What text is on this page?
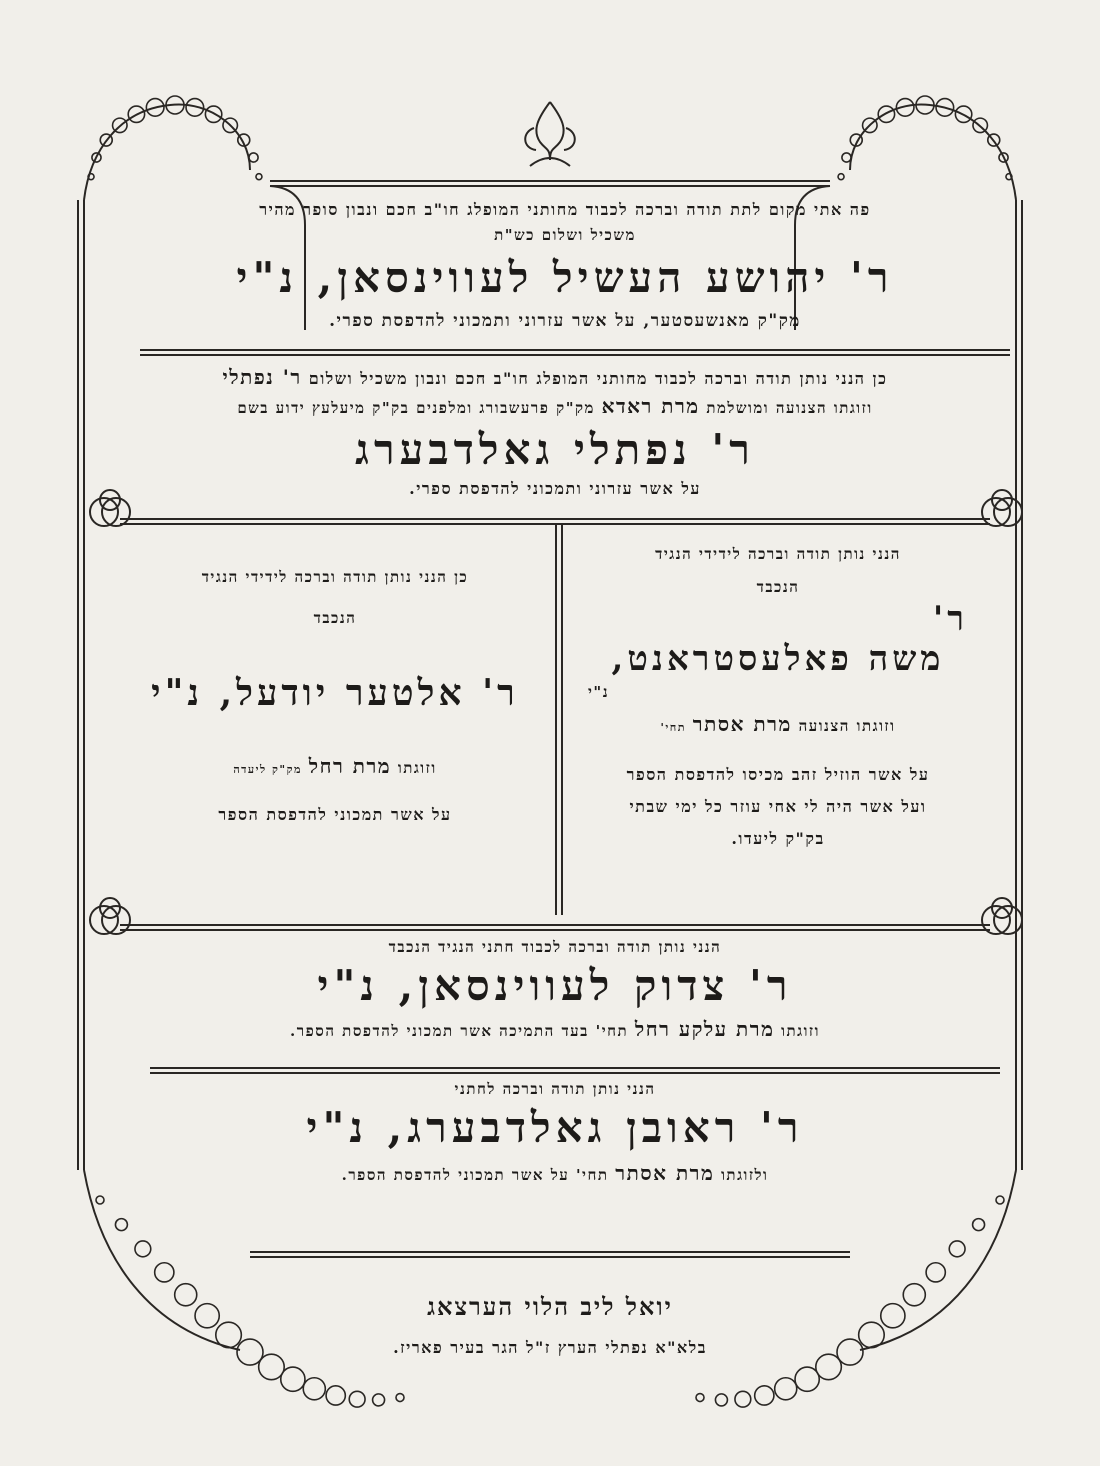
פה אתי מקום לתת תודה וברכה לכבוד מחותני המופלג חו"ב חכם ונבון סופר מהיר
משכיל ושלום כש"ת
ר' יהושע העשיל לעווינסאן, נ"י
מק"ק מאנשעסטער, על אשר עזרוני ותמכוני להדפסת ספרי.
כן הנני נותן תודה וברכה לכבוד מחותני המופלג חו"ב חכם ונבון משכיל ושלום ר' נפתלי
וזוגתו הצנועה ומושלמת מרת ראדא מק"ק פרעשבורג ומלפנים בק"ק מיעלעץ ידוע בשם
ר' נפתלי גאלדבערג
על אשר עזרוני ותמכוני להדפסת ספרי.
הנני נותן תודה וברכה לידידי הנגיד
הנכבד
ר'
משה פאלעסטראנט,
נ"י
וזוגתו הצנועה מרת אסתר תחי'
על אשר הוזיל זהב מכיסו להדפסת הספר
ועל אשר היה לי אחי עוזר כל ימי שבתי
בק"ק ליעדו.
כן הנני נותן תודה וברכה לידידי הנגיד
הנכבד
ר' אלטער יודעל, נ"י
וזוגתו מרת רחל מק"ק ליעדה
על אשר תמכוני להדפסת הספר
הנני נותן תודה וברכה לכבוד חתני הנגיד הנכבד
ר' צדוק לעווינסאן, נ"י
וזוגתו מרת עלקע רחל תחי' בעד התמיכה אשר תמכוני להדפסת הספר.
הנני נותן תודה וברכה לחתני
ר' ראובן גאלדבערג, נ"י
ולזוגתו מרת אסתר תחי' על אשר תמכוני להדפסת הספר.
יואל ליב הלוי הערצאג
בלא"א נפתלי הערץ ז"ל הגר בעיר פאריז.
